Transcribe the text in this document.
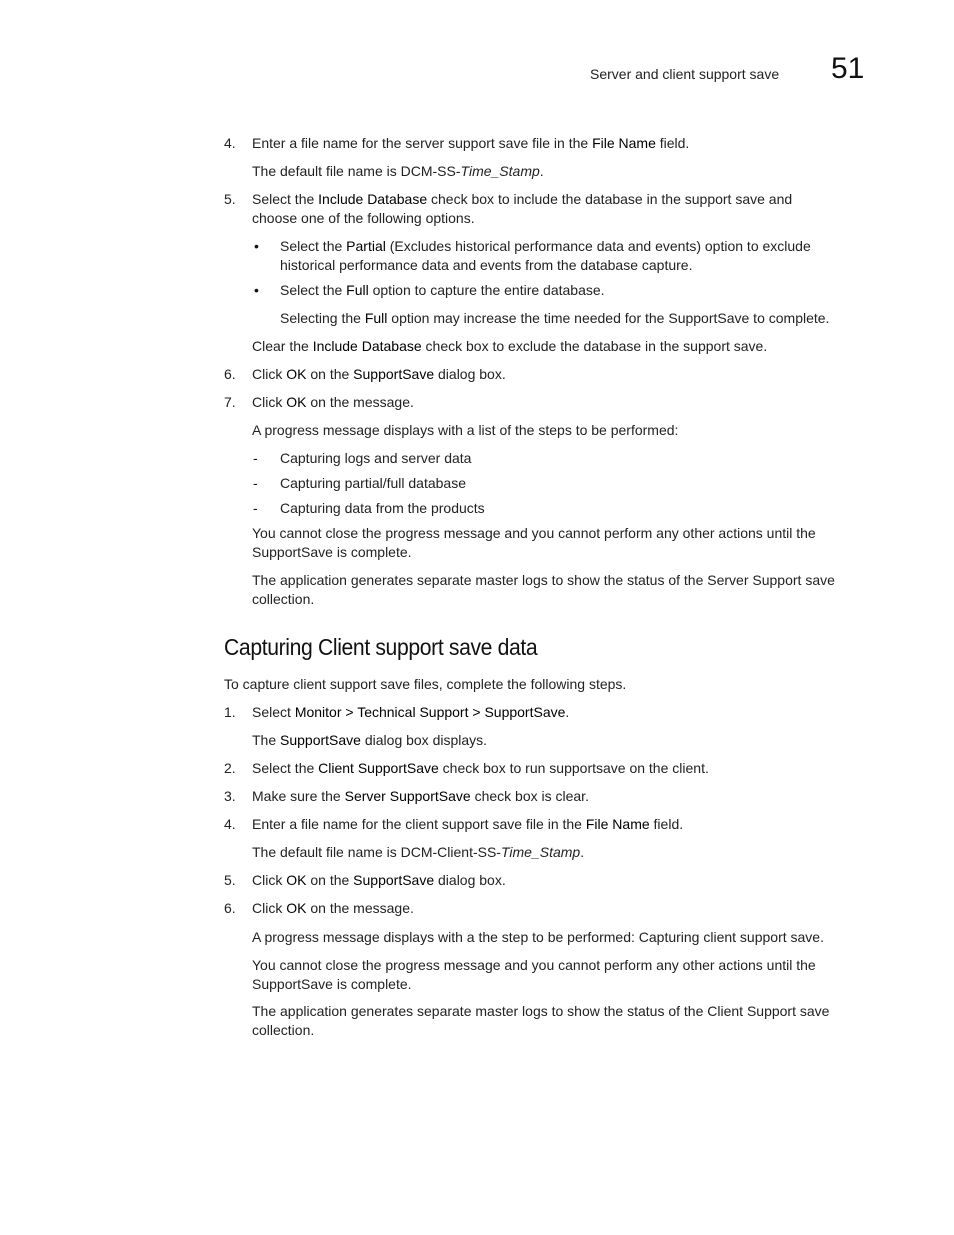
Server and client support save 51
4. Enter a file name for the server support save file in the File Name field.
The default file name is DCM-SS-Time_Stamp.
5. Select the Include Database check box to include the database in the support save and
choose one of the following options.
• Select the Partial (Excludes historical performance data and events) option to exclude
historical performance data and events from the database capture.
• Select the Full option to capture the entire database.
Selecting the Full option may increase the time needed for the SupportSave to complete.
Clear the Include Database check box to exclude the database in the support save.
6. Click OK on the SupportSave dialog box.
7. Click OK on the message.
A progress message displays with a list of the steps to be performed:
- Capturing logs and server data
- Capturing partial/full database
- Capturing data from the products
You cannot close the progress message and you cannot perform any other actions until the
SupportSave is complete.
The application generates separate master logs to show the status of the Server Support save
collection.
Capturing Client support save data
To capture client support save files, complete the following steps.
1. Select Monitor > Technical Support > SupportSave.
The SupportSave dialog box displays.
2. Select the Client SupportSave check box to run supportsave on the client.
3. Make sure the Server SupportSave check box is clear.
4. Enter a file name for the client support save file in the File Name field.
The default file name is DCM-Client-SS-Time_Stamp.
5. Click OK on the SupportSave dialog box.
6. Click OK on the message.
A progress message displays with a the step to be performed: Capturing client support save.
You cannot close the progress message and you cannot perform any other actions until the
SupportSave is complete.
The application generates separate master logs to show the status of the Client Support save
collection.
